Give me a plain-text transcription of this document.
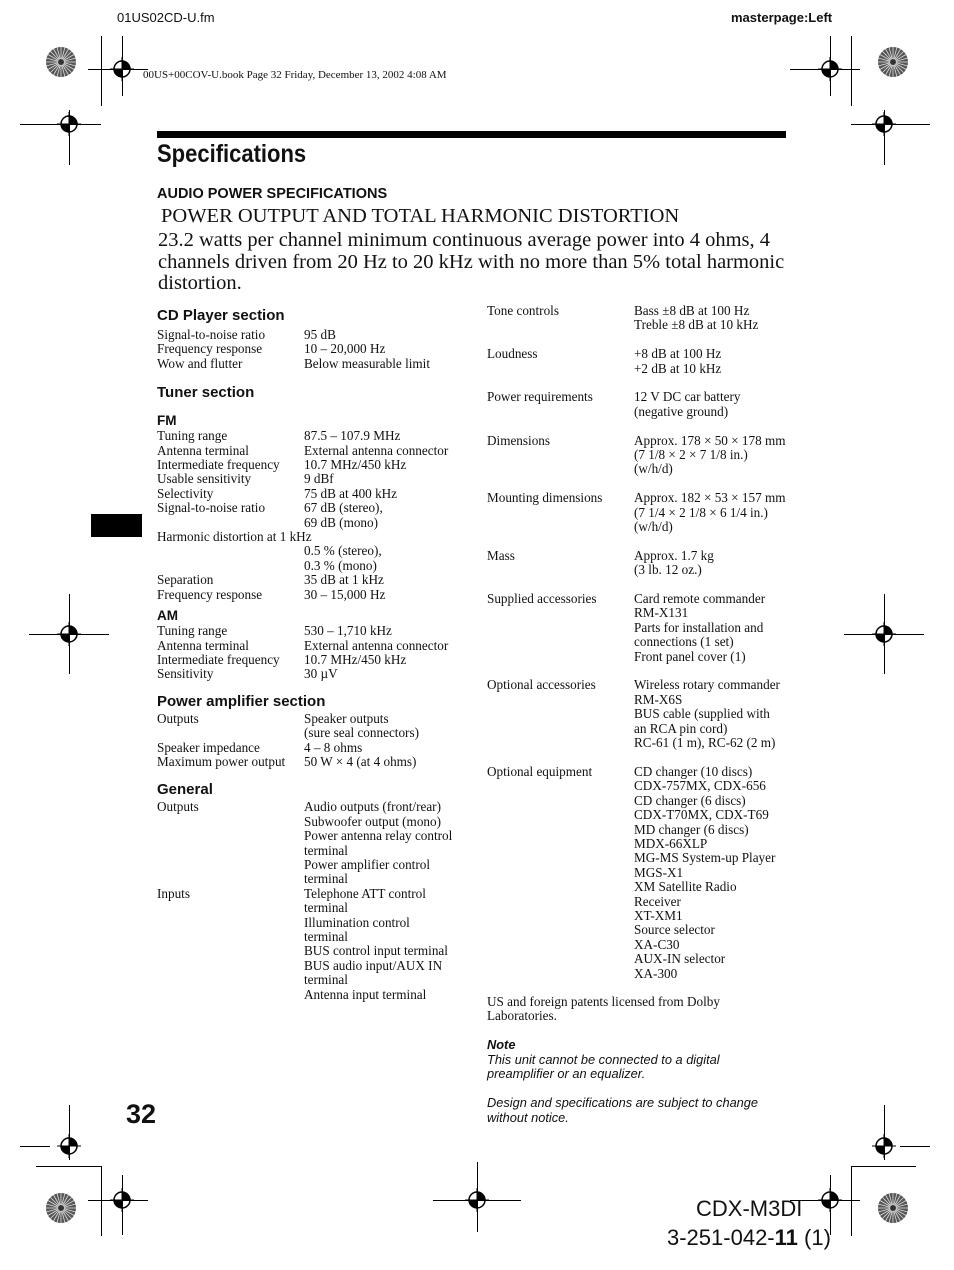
01US02CD-U.fm	masterpage:Left
00US+00COV-U.book Page 32 Friday, December 13, 2002 4:08 AM
Specifications
AUDIO POWER SPECIFICATIONS
POWER OUTPUT AND TOTAL HARMONIC DISTORTION
23.2 watts per channel minimum continuous average power into 4 ohms, 4 channels driven from 20 Hz to 20 kHz with no more than 5% total harmonic distortion.
CD Player section
Signal-to-noise ratio	95 dB
Frequency response	10 – 20,000 Hz
Wow and flutter	Below measurable limit
Tuner section
FM
Tuning range	87.5 – 107.9 MHz
Antenna terminal	External antenna connector
Intermediate frequency 10.7 MHz/450 kHz
Usable sensitivity	9 dBf
Selectivity	75 dB at 400 kHz
Signal-to-noise ratio	67 dB (stereo),
69 dB (mono)
Harmonic distortion at 1 kHz
0.5 % (stereo),
0.3 % (mono)
Separation	35 dB at 1 kHz
Frequency response	30 – 15,000 Hz
AM
Tuning range	530 – 1,710 kHz
Antenna terminal	External antenna connector
Intermediate frequency 10.7 MHz/450 kHz
Sensitivity	30 µV
Power amplifier section
Outputs	Speaker outputs
(sure seal connectors)
Speaker impedance	4 – 8 ohms
Maximum power output 50 W × 4 (at 4 ohms)
General
Outputs	Audio outputs (front/rear)
Subwoofer output (mono)
Power antenna relay control
terminal
Power amplifier control
terminal
Inputs	Telephone ATT control
terminal
Illumination control
terminal
BUS control input terminal
BUS audio input/AUX IN
terminal
Antenna input terminal
Tone controls	Bass ±8 dB at 100 Hz
Treble ±8 dB at 10 kHz
Loudness	+8 dB at 100 Hz
+2 dB at 10 kHz
Power requirements	12 V DC car battery
(negative ground)
Dimensions	Approx. 178 × 50 × 178 mm
(7 1/8 × 2 × 7 1/8 in.)
(w/h/d)
Mounting dimensions Approx. 182 × 53 × 157 mm
(7 1/4 × 2 1/8 × 6 1/4 in.)
(w/h/d)
Mass	Approx. 1.7 kg
(3 lb. 12 oz.)
Supplied accessories	Card remote commander
RM-X131
Parts for installation and
connections (1 set)
Front panel cover (1)
Optional accessories	Wireless rotary commander
RM-X6S
BUS cable (supplied with
an RCA pin cord)
RC-61 (1 m), RC-62 (2 m)
Optional equipment	CD changer (10 discs)
CDX-757MX, CDX-656
CD changer (6 discs)
CDX-T70MX, CDX-T69
MD changer (6 discs)
MDX-66XLP
MG-MS System-up Player
MGS-X1
XM Satellite Radio
Receiver
XT-XM1
Source selector
XA-C30
AUX-IN selector
XA-300
US and foreign patents licensed from Dolby Laboratories.
Note
This unit cannot be connected to a digital preamplifier or an equalizer.
Design and specifications are subject to change without notice.
32
CDX-M3DI
3-251-042-11 (1)
